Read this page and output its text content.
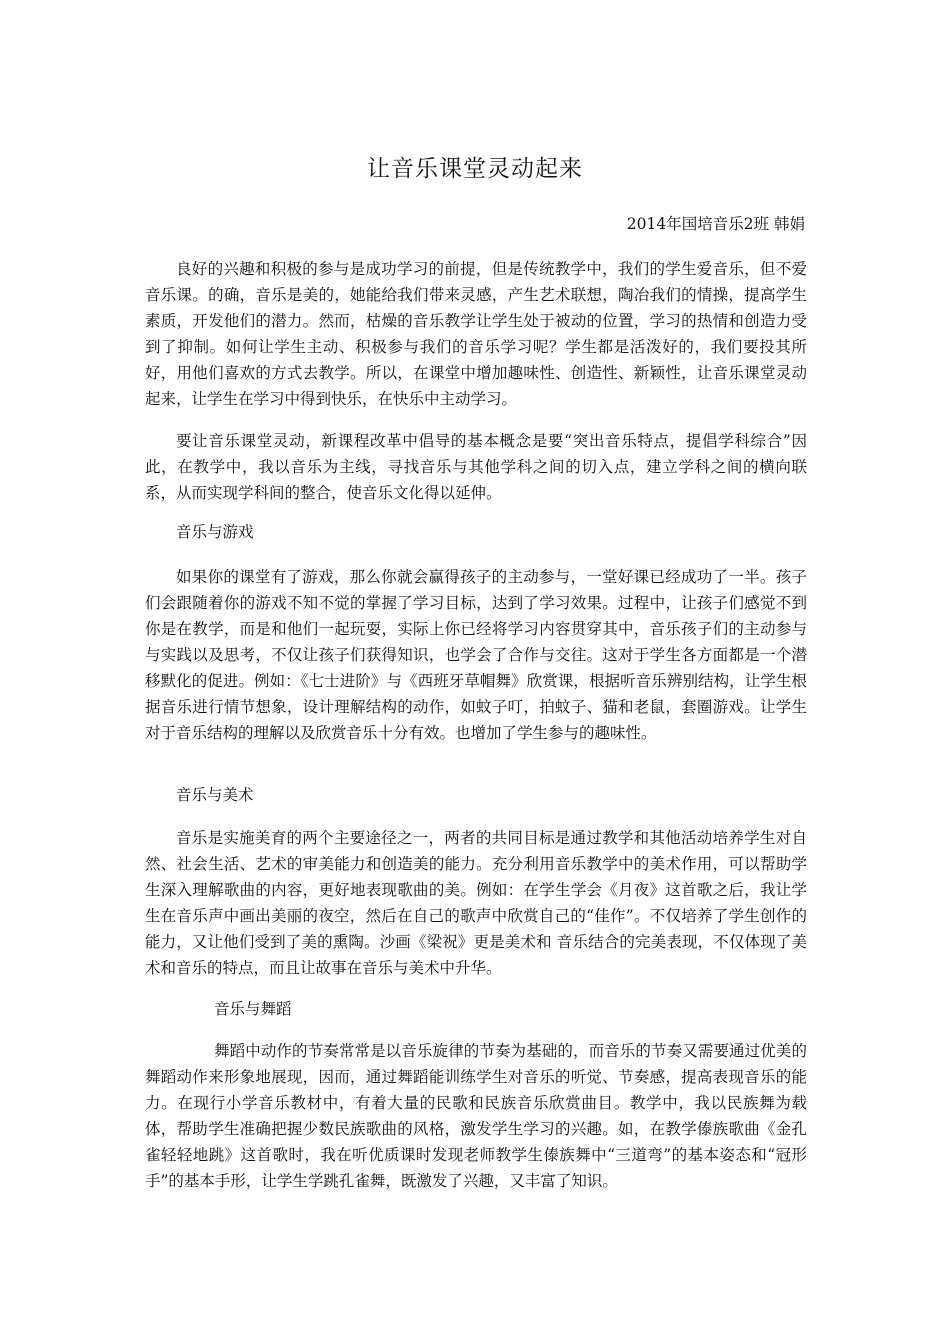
让音乐课堂灵动起来

2014年国培音乐2班 韩娟

良好的兴趣和积极的参与是成功学习的前提，但是传统教学中，我们的学生爱音乐，但不爱音乐课。的确，音乐是美的，她能给我们带来灵感，产生艺术联想，陶冶我们的情操，提高学生素质，开发他们的潜力。然而，枯燥的音乐教学让学生处于被动的位置，学习的热情和创造力受到了抑制。如何让学生主动、积极参与我们的音乐学习呢？学生都是活泼好的，我们要投其所好，用他们喜欢的方式去教学。所以，在课堂中增加趣味性、创造性、新颖性，让音乐课堂灵动起来，让学生在学习中得到快乐，在快乐中主动学习。

要让音乐课堂灵动，新课程改革中倡导的基本概念是要“突出音乐特点，提倡学科综合”因此，在教学中，我以音乐为主线，寻找音乐与其他学科之间的切入点，建立学科之间的横向联系，从而实现学科间的整合，使音乐文化得以延伸。

音乐与游戏

如果你的课堂有了游戏，那么你就会赢得孩子的主动参与，一堂好课已经成功了一半。孩子们会跟随着你的游戏不知不觉的掌握了学习目标，达到了学习效果。过程中，让孩子们感觉不到你是在教学，而是和他们一起玩耍，实际上你已经将学习内容贯穿其中，音乐孩子们的主动参与与实践以及思考，不仅让孩子们获得知识，也学会了合作与交往。这对于学生各方面都是一个潜移默化的促进。例如：《七士进阶》与《西班牙草帽舞》欣赏课，根据听音乐辨别结构，让学生根据音乐进行情节想象，设计理解结构的动作，如蚊子叮，拍蚊子、猫和老鼠，套圈游戏。让学生对于音乐结构的理解以及欣赏音乐十分有效。也增加了学生参与的趣味性。

音乐与美术

音乐是实施美育的两个主要途径之一，两者的共同目标是通过教学和其他活动培养学生对自然、社会生活、艺术的审美能力和创造美的能力。充分利用音乐教学中的美术作用，可以帮助学生深入理解歌曲的内容，更好地表现歌曲的美。例如：在学生学会《月夜》这首歌之后，我让学生在音乐声中画出美丽的夜空，然后在自己的歌声中欣赏自己的“佳作”。不仅培养了学生创作的能力，又让他们受到了美的熏陶。沙画《梁祝》更是美术和 音乐结合的完美表现，不仅体现了美术和音乐的特点，而且让故事在音乐与美术中升华。

音乐与舞蹈

舞蹈中动作的节奏常常是以音乐旋律的节奏为基础的，而音乐的节奏又需要通过优美的舞蹈动作来形象地展现，因而，通过舞蹈能训练学生对音乐的听觉、节奏感，提高表现音乐的能力。在现行小学音乐教材中，有着大量的民歌和民族音乐欣赏曲目。教学中，我以民族舞为载体，帮助学生准确把握少数民族歌曲的风格，激发学生学习的兴趣。如，在教学傣族歌曲《金孔雀轻轻地跳》这首歌时，我在听优质课时发现老师教学生傣族舞中“三道弯”的基本姿态和“冠形手”的基本手形，让学生学跳孔雀舞，既激发了兴趣，又丰富了知识。
